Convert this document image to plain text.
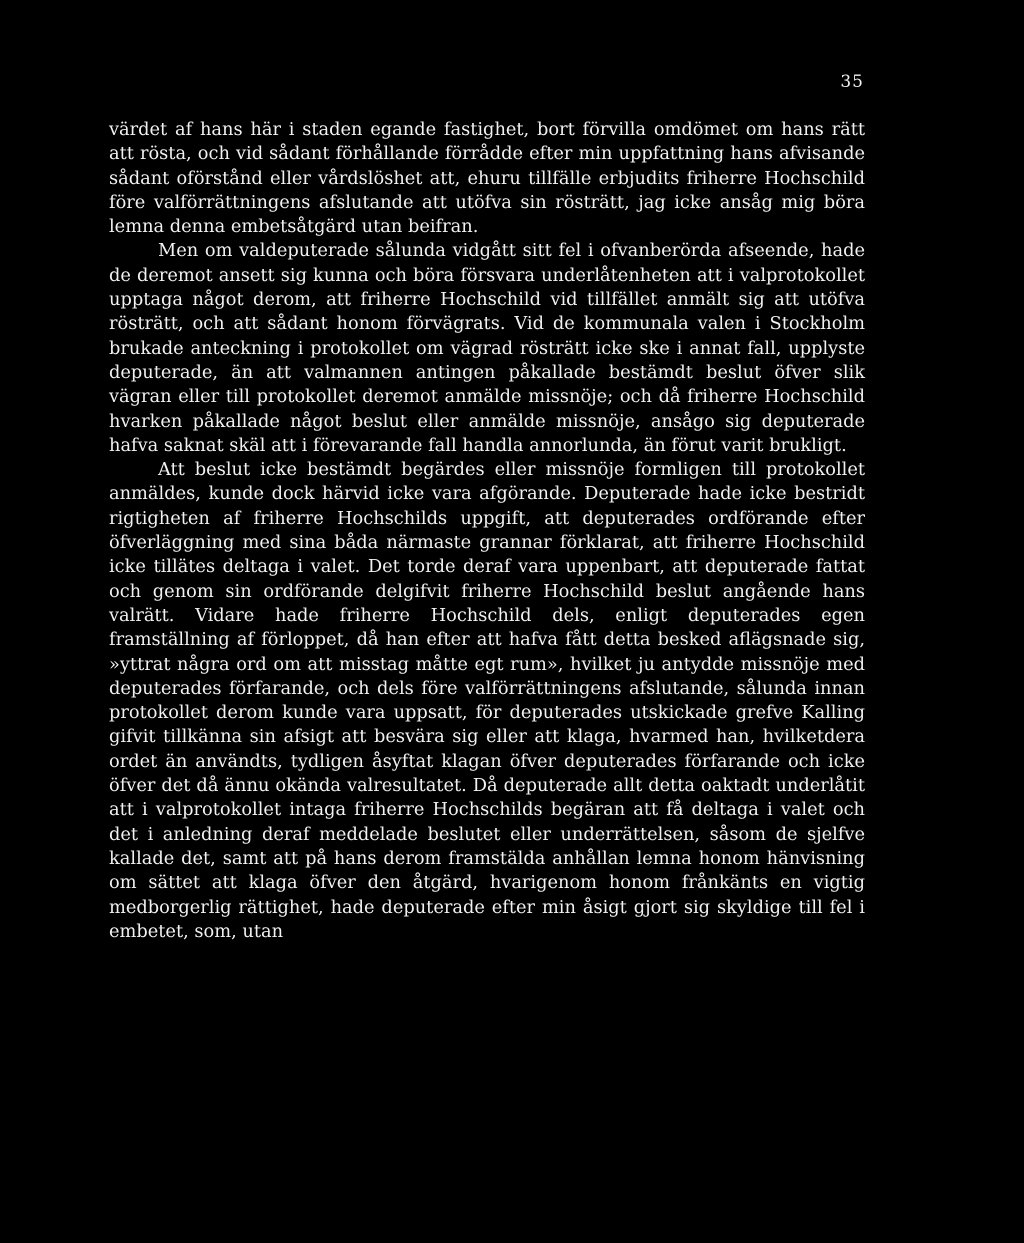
35

värdet af hans här i staden egande fastighet, bort förvilla omdömet om hans rätt att rösta, och vid sådant förhållande förrådde efter min uppfattning hans afvisande sådant oförstånd eller vårdslöshet att, ehuru tillfälle erbjudits friherre Hochschild före valförrättningens afslutande att utöfva sin rösträtt, jag icke ansåg mig böra lemna denna embetsåtgärd utan beifran.

Men om valdeputerade sålunda vidgått sitt fel i ofvanberörda afseende, hade de deremot ansett sig kunna och böra försvara underlåtenheten att i valprotokollet upptaga något derom, att friherre Hochschild vid tillfället anmält sig att utöfva rösträtt, och att sådant honom förvägrats. Vid de kommunala valen i Stockholm brukade anteckning i protokollet om vägrad rösträtt icke ske i annat fall, upplyste deputerade, än att valmannen antingen påkallade bestämdt beslut öfver slik vägran eller till protokollet deremot anmälde missnöje; och då friherre Hochschild hvarken påkallade något beslut eller anmälde missnöje, ansågo sig deputerade hafva saknat skäl att i förevarande fall handla annorlunda, än förut varit brukligt.

Att beslut icke bestämdt begärdes eller missnöje formligen till protokollet anmäldes, kunde dock härvid icke vara afgörande. Deputerade hade icke bestridt rigtigheten af friherre Hochschilds uppgift, att deputerades ordförande efter öfverläggning med sina båda närmaste grannar förklarat, att friherre Hochschild icke tillätes deltaga i valet. Det torde deraf vara uppenbart, att deputerade fattat och genom sin ordförande delgifvit friherre Hochschild beslut angående hans valrätt. Vidare hade friherre Hochschild dels, enligt deputerades egen framställning af förloppet, då han efter att hafva fått detta besked aflägsnade sig, »yttrat några ord om att misstag måtte egt rum», hvilket ju antydde missnöje med deputerades förfarande, och dels före valförrättningens afslutande, sålunda innan protokollet derom kunde vara uppsatt, för deputerades utskickade grefve Kalling gifvit tillkänna sin afsigt att besvära sig eller att klaga, hvarmed han, hvilketdera ordet än användts, tydligen åsyftat klagan öfver deputerades förfarande och icke öfver det då ännu okända valresultatet. Då deputerade allt detta oaktadt underlåtit att i valprotokollet intaga friherre Hochschilds begäran att få deltaga i valet och det i anledning deraf meddelade beslutet eller underrättelsen, såsom de sjelfve kallade det, samt att på hans derom framstälda anhållan lemna honom hänvisning om sättet att klaga öfver den åtgärd, hvarigenom honom frånkänts en vigtig medborgerlig rättighet, hade deputerade efter min åsigt gjort sig skyldige till fel i embetet, som, utan
